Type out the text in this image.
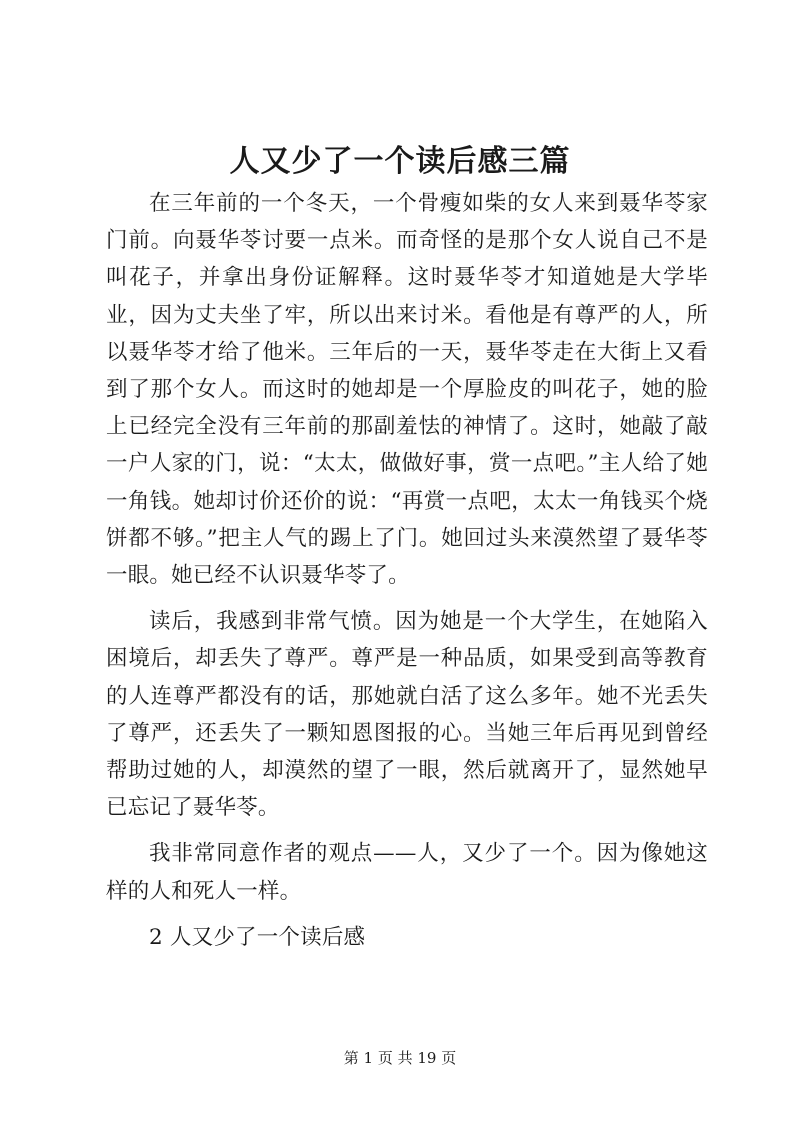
人又少了一个读后感三篇

在三年前的一个冬天，一个骨瘦如柴的女人来到聂华苓家门前。向聂华苓讨要一点米。而奇怪的是那个女人说自己不是叫花子，并拿出身份证解释。这时聂华苓才知道她是大学毕业，因为丈夫坐了牢，所以出来讨米。看他是有尊严的人，所以聂华苓才给了他米。三年后的一天，聂华苓走在大街上又看到了那个女人。而这时的她却是一个厚脸皮的叫花子，她的脸上已经完全没有三年前的那副羞怯的神情了。这时，她敲了敲一户人家的门，说：“太太，做做好事，赏一点吧。”主人给了她一角钱。她却讨价还价的说：“再赏一点吧，太太一角钱买个烧饼都不够。”把主人气的踢上了门。她回过头来漠然望了聂华苓一眼。她已经不认识聂华苓了。

读后，我感到非常气愤。因为她是一个大学生，在她陷入困境后，却丢失了尊严。尊严是一种品质，如果受到高等教育的人连尊严都没有的话，那她就白活了这么多年。她不光丢失了尊严，还丢失了一颗知恩图报的心。当她三年后再见到曾经帮助过她的人，却漠然的望了一眼，然后就离开了，显然她早已忘记了聂华苓。

我非常同意作者的观点——人，又少了一个。因为像她这样的人和死人一样。

2 人又少了一个读后感

第 1 页 共 19 页
